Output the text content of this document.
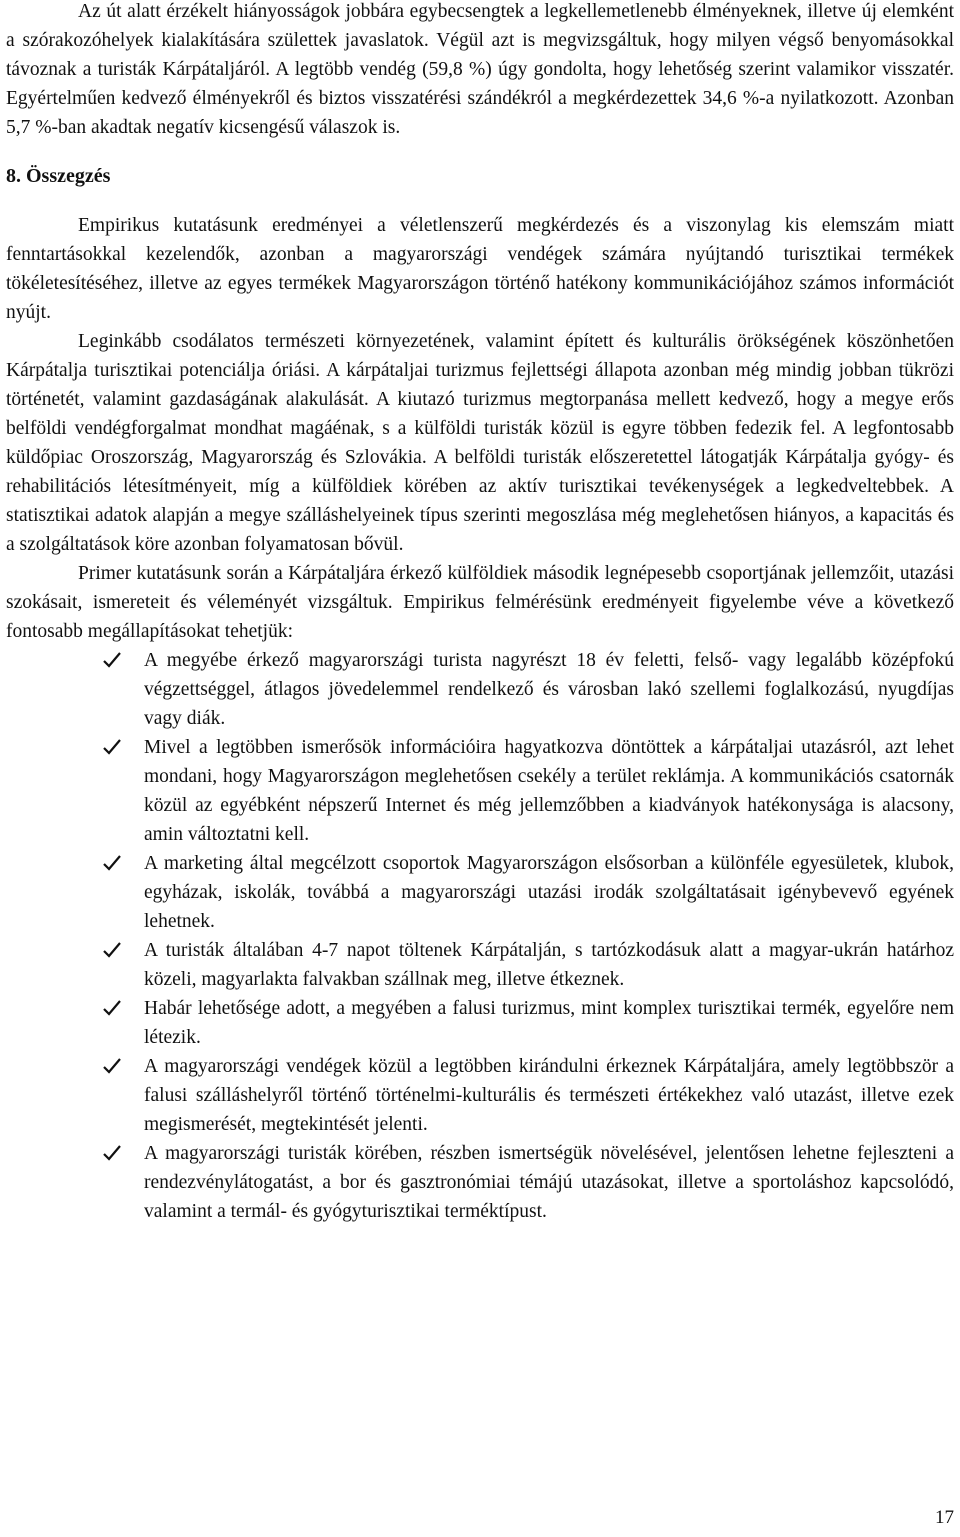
Az út alatt érzékelt hiányosságok jobbára egybecsengtek a legkellemetlenebb élményeknek, illetve új elemként a szórakozóhelyek kialakítására születtek javaslatok. Végül azt is megvizsgáltuk, hogy milyen végső benyomásokkal távoznak a turisták Kárpátaljáról. A legtöbb vendég (59,8 %) úgy gondolta, hogy lehetőség szerint valamikor visszatér. Egyértelműen kedvező élményekről és biztos visszatérési szándékról a megkérdezettek 34,6 %-a nyilatkozott. Azonban 5,7 %-ban akadtak negatív kicsengésű válaszok is.

8. Összegzés

Empirikus kutatásunk eredményei a véletlenszerű megkérdezés és a viszonylag kis elemszám miatt fenntartásokkal kezelendők, azonban a magyarországi vendégek számára nyújtandó turisztikai termékek tökéletesítéséhez, illetve az egyes termékek Magyarországon történő hatékony kommunikációjához számos információt nyújt.

Leginkább csodálatos természeti környezetének, valamint épített és kulturális örökségének köszönhetően Kárpátalja turisztikai potenciálja óriási. A kárpátaljai turizmus fejlettségi állapota azonban még mindig jobban tükrözi történetét, valamint gazdaságának alakulását. A kiutazó turizmus megtorpanása mellett kedvező, hogy a megye erős belföldi vendégforgalmat mondhat magáénak, s a külföldi turisták közül is egyre többen fedezik fel. A legfontosabb küldőpiac Oroszország, Magyarország és Szlovákia. A belföldi turisták előszeretettel látogatják Kárpátalja gyógy- és rehabilitációs létesítményeit, míg a külföldiek körében az aktív turisztikai tevékenységek a legkedveltebbek. A statisztikai adatok alapján a megye szálláshelyeinek típus szerinti megoszlása még meglehetősen hiányos, a kapacitás és a szolgáltatások köre azonban folyamatosan bővül.

Primer kutatásunk során a Kárpátaljára érkező külföldiek második legnépesebb csoportjának jellemzőit, utazási szokásait, ismereteit és véleményét vizsgáltuk. Empirikus felmérésünk eredményeit figyelembe véve a következő fontosabb megállapításokat tehetjük:

A megyébe érkező magyarországi turista nagyrészt 18 év feletti, felső- vagy legalább középfokú végzettséggel, átlagos jövedelemmel rendelkező és városban lakó szellemi foglalkozású, nyugdíjas vagy diák.
Mivel a legtöbben ismerősök információira hagyatkozva döntöttek a kárpátaljai utazásról, azt lehet mondani, hogy Magyarországon meglehetősen csekély a terület reklámja. A kommunikációs csatornák közül az egyébként népszerű Internet és még jellemzőbben a kiadványok hatékonysága is alacsony, amin változtatni kell.
A marketing által megcélzott csoportok Magyarországon elsősorban a különféle egyesületek, klubok, egyházak, iskolák, továbbá a magyarországi utazási irodák szolgáltatásait igénybevevő egyének lehetnek.
A turisták általában 4-7 napot töltenek Kárpátalján, s tartózkodásuk alatt a magyar-ukrán határhoz közeli, magyarlakta falvakban szállnak meg, illetve étkeznek.
Habár lehetősége adott, a megyében a falusi turizmus, mint komplex turisztikai termék, egyelőre nem létezik.
A magyarországi vendégek közül a legtöbben kirándulni érkeznek Kárpátaljára, amely legtöbbször a falusi szálláshelyről történő történelmi-kulturális és természeti értékekhez való utazást, illetve ezek megismerését, megtekintését jelenti.
A magyarországi turisták körében, részben ismertségük növelésével, jelentősen lehetne fejleszteni a rendezvénylátogatást, a bor és gasztronómiai témájú utazásokat, illetve a sportoláshoz kapcsolódó, valamint a termál- és gyógyturisztikai terméktípust.
17
